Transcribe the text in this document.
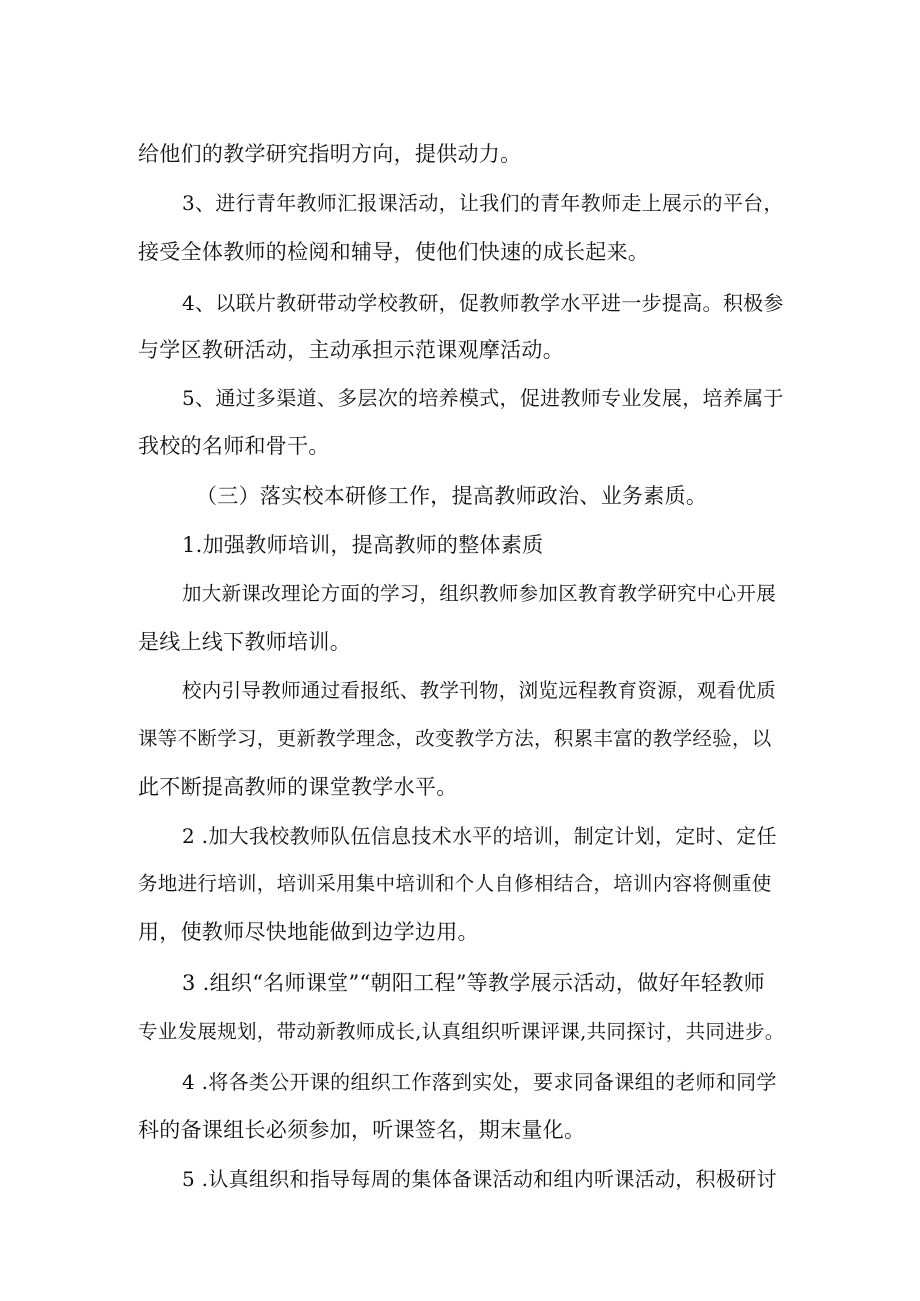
给他们的教学研究指明方向，提供动力。
3、进行青年教师汇报课活动，让我们的青年教师走上展示的平台，
接受全体教师的检阅和辅导，使他们快速的成长起来。
4、以联片教研带动学校教研，促教师教学水平进一步提高。积极参
与学区教研活动，主动承担示范课观摩活动。
5、通过多渠道、多层次的培养模式，促进教师专业发展，培养属于
我校的名师和骨干。
（三）落实校本研修工作，提高教师政治、业务素质。
1.加强教师培训，提高教师的整体素质
加大新课改理论方面的学习，组织教师参加区教育教学研究中心开展
是线上线下教师培训。
校内引导教师通过看报纸、教学刊物，浏览远程教育资源，观看优质
课等不断学习，更新教学理念，改变教学方法，积累丰富的教学经验，以
此不断提高教师的课堂教学水平。
2 .加大我校教师队伍信息技术水平的培训，制定计划，定时、定任
务地进行培训，培训采用集中培训和个人自修相结合，培训内容将侧重使
用，使教师尽快地能做到边学边用。
3 .组织“名师课堂”“朝阳工程”等教学展示活动，做好年轻教师
专业发展规划，带动新教师成长,认真组织听课评课,共同探讨，共同进步。
4 .将各类公开课的组织工作落到实处，要求同备课组的老师和同学
科的备课组长必须参加，听课签名，期末量化。
5 .认真组织和指导每周的集体备课活动和组内听课活动，积极研讨
